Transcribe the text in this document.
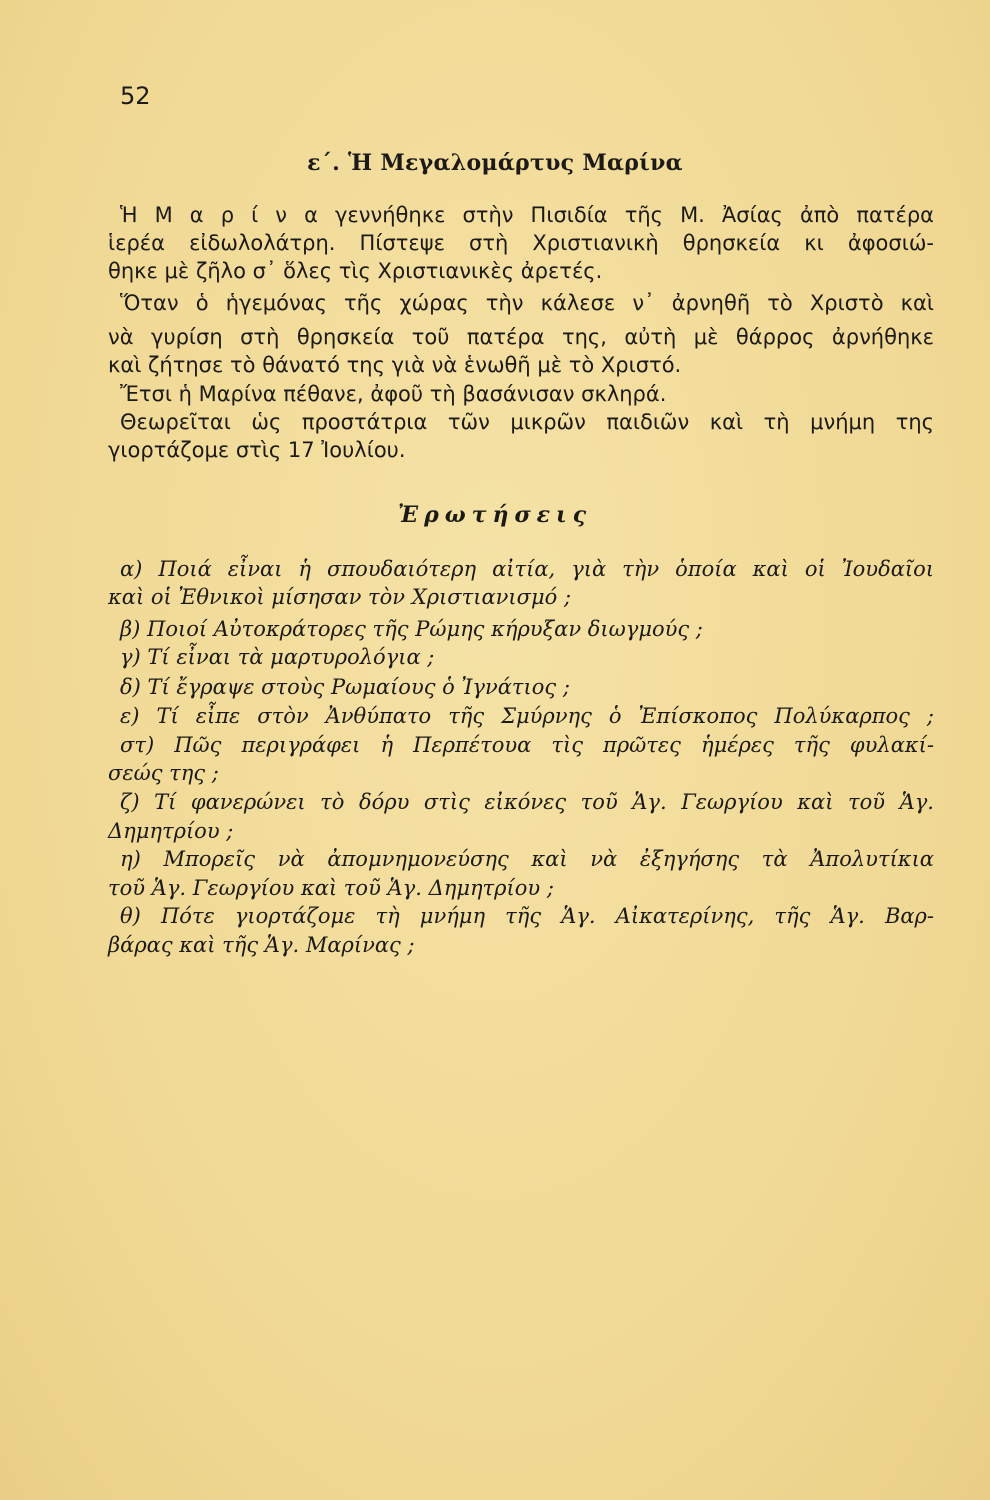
52
ε΄. Ἡ Μεγαλομάρτυς Μαρίνα
Ἡ Μ α ρ ί ν α γεννήθηκε στὴν Πισιδία τῆς Μ. Ἀσίας ἀπὸ πατέρα
ἱερέα εἰδωλολάτρη. Πίστεψε στὴ Χριστιανικὴ θρησκεία κι ἀφοσιώ-
θηκε μὲ ζῆλο σ᾽ ὅλες τὶς Χριστιανικὲς ἀρετές.
Ὅταν ὁ ἡγεμόνας τῆς χώρας τὴν κάλεσε ν᾽ ἀρνηθῆ τὸ Χριστὸ καὶ
νὰ γυρίση στὴ θρησκεία τοῦ πατέρα της, αὐτὴ μὲ θάρρος ἀρνήθηκε
καὶ ζήτησε τὸ θάνατό της γιὰ νὰ ἑνωθῆ μὲ τὸ Χριστό.
Ἔτσι ἡ Μαρίνα πέθανε, ἀφοῦ τὴ βασάνισαν σκληρά.
Θεωρεῖται ὡς προστάτρια τῶν μικρῶν παιδιῶν καὶ τὴ μνήμη της
γιορτάζομε στὶς 17 Ἰουλίου.
Ἐρωτήσεις
α) Ποιά εἶναι ἡ σπουδαιότερη αἰτία, γιὰ τὴν ὁποία καὶ οἱ Ἰουδαῖοι
καὶ οἱ Ἐθνικοὶ μίσησαν τὸν Χριστιανισμό ;
β) Ποιοί Αὐτοκράτορες τῆς Ρώμης κήρυξαν διωγμούς ;
γ) Τί εἶναι τὰ μαρτυρολόγια ;
δ) Τί ἔγραψε στοὺς Ρωμαίους ὁ Ἰγνάτιος ;
ε) Τί εἶπε στὸν Ἀνθύπατο τῆς Σμύρνης ὁ Ἐπίσκοπος Πολύκαρπος ;
στ) Πῶς περιγράφει ἡ Περπέτουα τὶς πρῶτες ἡμέρες τῆς φυλακί-
σεώς της ;
ζ) Τί φανερώνει τὸ δόρυ στὶς εἰκόνες τοῦ Ἁγ. Γεωργίου καὶ τοῦ Ἁγ.
Δημητρίου ;
η) Μπορεῖς νὰ ἀπομνημονεύσης καὶ νὰ ἐξηγήσης τὰ Ἀπολυτίκια
τοῦ Ἁγ. Γεωργίου καὶ τοῦ Ἁγ. Δημητρίου ;
θ) Πότε γιορτάζομε τὴ μνήμη τῆς Ἁγ. Αἰκατερίνης, τῆς Ἁγ. Βαρ-
βάρας καὶ τῆς Ἁγ. Μαρίνας ;
